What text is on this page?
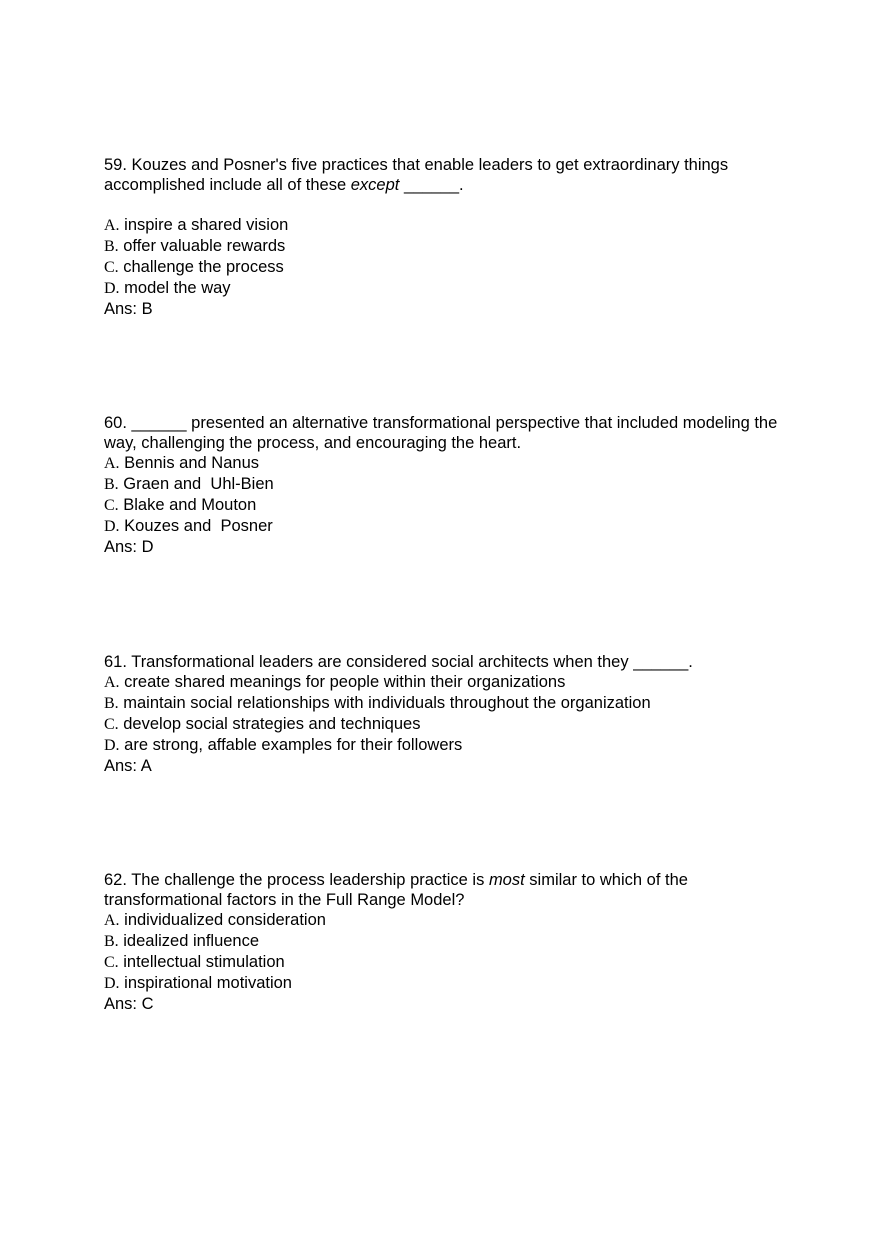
59. Kouzes and Posner's five practices that enable leaders to get extraordinary things accomplished include all of these except ______.

A. inspire a shared vision

B. offer valuable rewards

C. challenge the process

D. model the way

Ans: B

60. ______ presented an alternative transformational perspective that included modeling the way, challenging the process, and encouraging the heart.

A. Bennis and Nanus

B. Graen and  Uhl-Bien

C. Blake and Mouton

D. Kouzes and  Posner

Ans: D

61. Transformational leaders are considered social architects when they ______.

A. create shared meanings for people within their organizations

B. maintain social relationships with individuals throughout the organization

C. develop social strategies and techniques

D. are strong, affable examples for their followers

Ans: A

62. The challenge the process leadership practice is most similar to which of the transformational factors in the Full Range Model?

A. individualized consideration

B. idealized influence

C. intellectual stimulation

D. inspirational motivation

Ans: C
